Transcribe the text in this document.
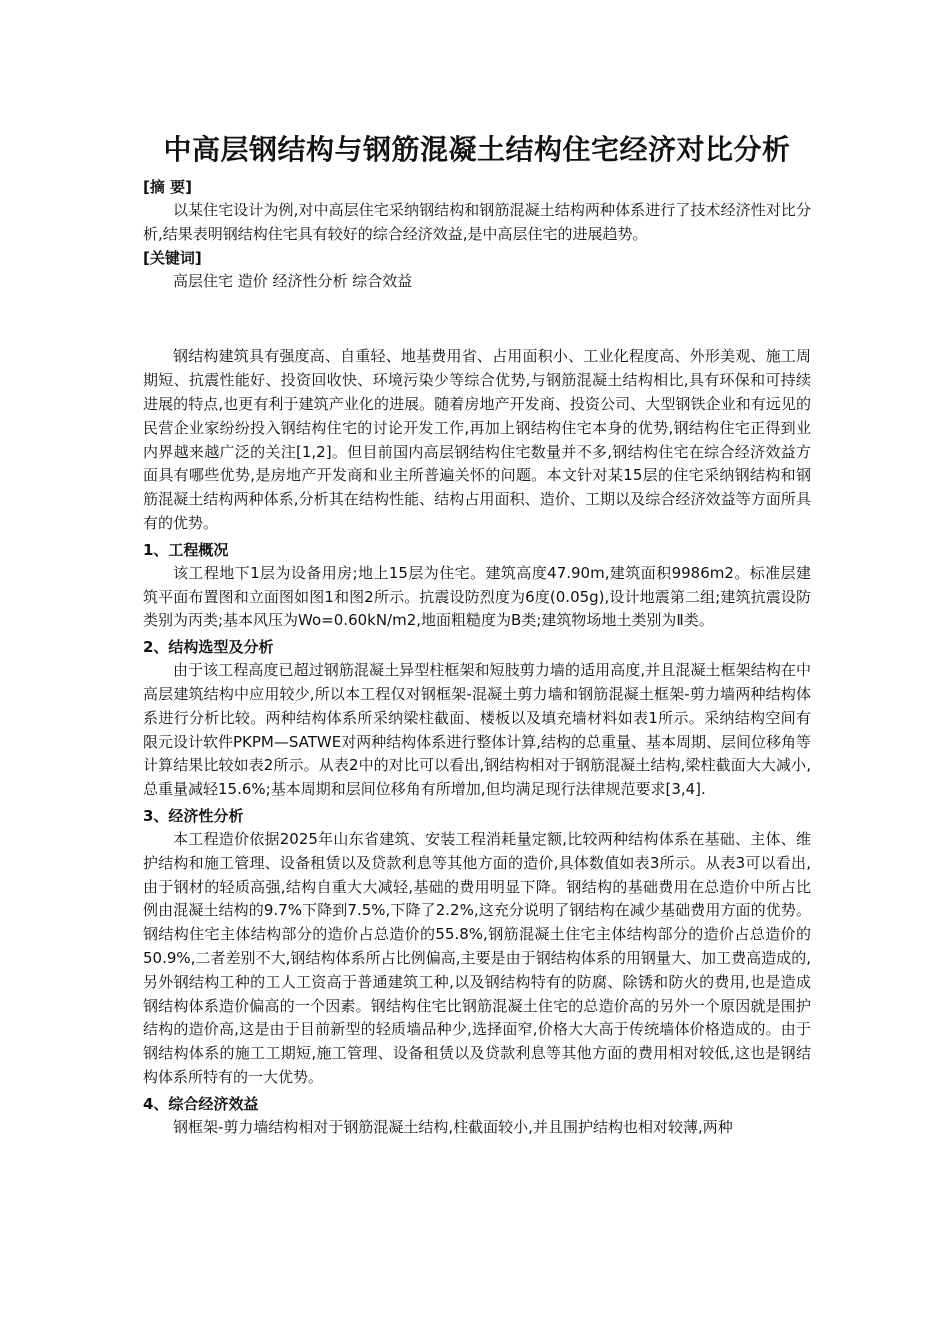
中高层钢结构与钢筋混凝土结构住宅经济对比分析
[摘 要]

以某住宅设计为例,对中高层住宅采纳钢结构和钢筋混凝土结构两种体系进行了技术经济性对比分析,结果表明钢结构住宅具有较好的综合经济效益,是中高层住宅的进展趋势。

[关键词]

高层住宅 造价 经济性分析 综合效益

钢结构建筑具有强度高、自重轻、地基费用省、占用面积小、工业化程度高、外形美观、施工周期短、抗震性能好、投资回收快、环境污染少等综合优势,与钢筋混凝土结构相比,具有环保和可持续进展的特点,也更有利于建筑产业化的进展。随着房地产开发商、投资公司、大型钢铁企业和有远见的民营企业家纷纷投入钢结构住宅的讨论开发工作,再加上钢结构住宅本身的优势,钢结构住宅正得到业内界越来越广泛的关注[1,2]。但目前国内高层钢结构住宅数量并不多,钢结构住宅在综合经济效益方面具有哪些优势,是房地产开发商和业主所普遍关怀的问题。本文针对某15层的住宅采纳钢结构和钢筋混凝土结构两种体系,分析其在结构性能、结构占用面积、造价、工期以及综合经济效益等方面所具有的优势。

1、工程概况

该工程地下1层为设备用房;地上15层为住宅。建筑高度47.90m,建筑面积9986m2。标准层建筑平面布置图和立面图如图1和图2所示。抗震设防烈度为6度(0.05g),设计地震第二组;建筑抗震设防类别为丙类;基本风压为Wo=0.60kN/m2,地面粗糙度为B类;建筑物场地土类别为Ⅱ类。

2、结构选型及分析

由于该工程高度已超过钢筋混凝土异型柱框架和短肢剪力墙的适用高度,并且混凝土框架结构在中高层建筑结构中应用较少,所以本工程仅对钢框架-混凝土剪力墙和钢筋混凝土框架-剪力墙两种结构体系进行分析比较。两种结构体系所采纳梁柱截面、楼板以及填充墙材料如表1所示。采纳结构空间有限元设计软件PKPM—SATWE对两种结构体系进行整体计算,结构的总重量、基本周期、层间位移角等计算结果比较如表2所示。从表2中的对比可以看出,钢结构相对于钢筋混凝土结构,梁柱截面大大减小,总重量减轻15.6%;基本周期和层间位移角有所增加,但均满足现行法律规范要求[3,4].

3、经济性分析

本工程造价依据2025年山东省建筑、安装工程消耗量定额,比较两种结构体系在基础、主体、维护结构和施工管理、设备租赁以及贷款利息等其他方面的造价,具体数值如表3所示。从表3可以看出,由于钢材的轻质高强,结构自重大大减轻,基础的费用明显下降。钢结构的基础费用在总造价中所占比例由混凝土结构的9.7%下降到7.5%,下降了2.2%,这充分说明了钢结构在减少基础费用方面的优势。钢结构住宅主体结构部分的造价占总造价的55.8%,钢筋混凝土住宅主体结构部分的造价占总造价的50.9%,二者差别不大,钢结构体系所占比例偏高,主要是由于钢结构体系的用钢量大、加工费高造成的,另外钢结构工种的工人工资高于普通建筑工种,以及钢结构特有的防腐、除锈和防火的费用,也是造成钢结构体系造价偏高的一个因素。钢结构住宅比钢筋混凝土住宅的总造价高的另外一个原因就是围护结构的造价高,这是由于目前新型的轻质墙品种少,选择面窄,价格大大高于传统墙体价格造成的。由于钢结构体系的施工工期短,施工管理、设备租赁以及贷款利息等其他方面的费用相对较低,这也是钢结构体系所特有的一大优势。

4、综合经济效益

钢框架-剪力墙结构相对于钢筋混凝土结构,柱截面较小,并且围护结构也相对较薄,两种
